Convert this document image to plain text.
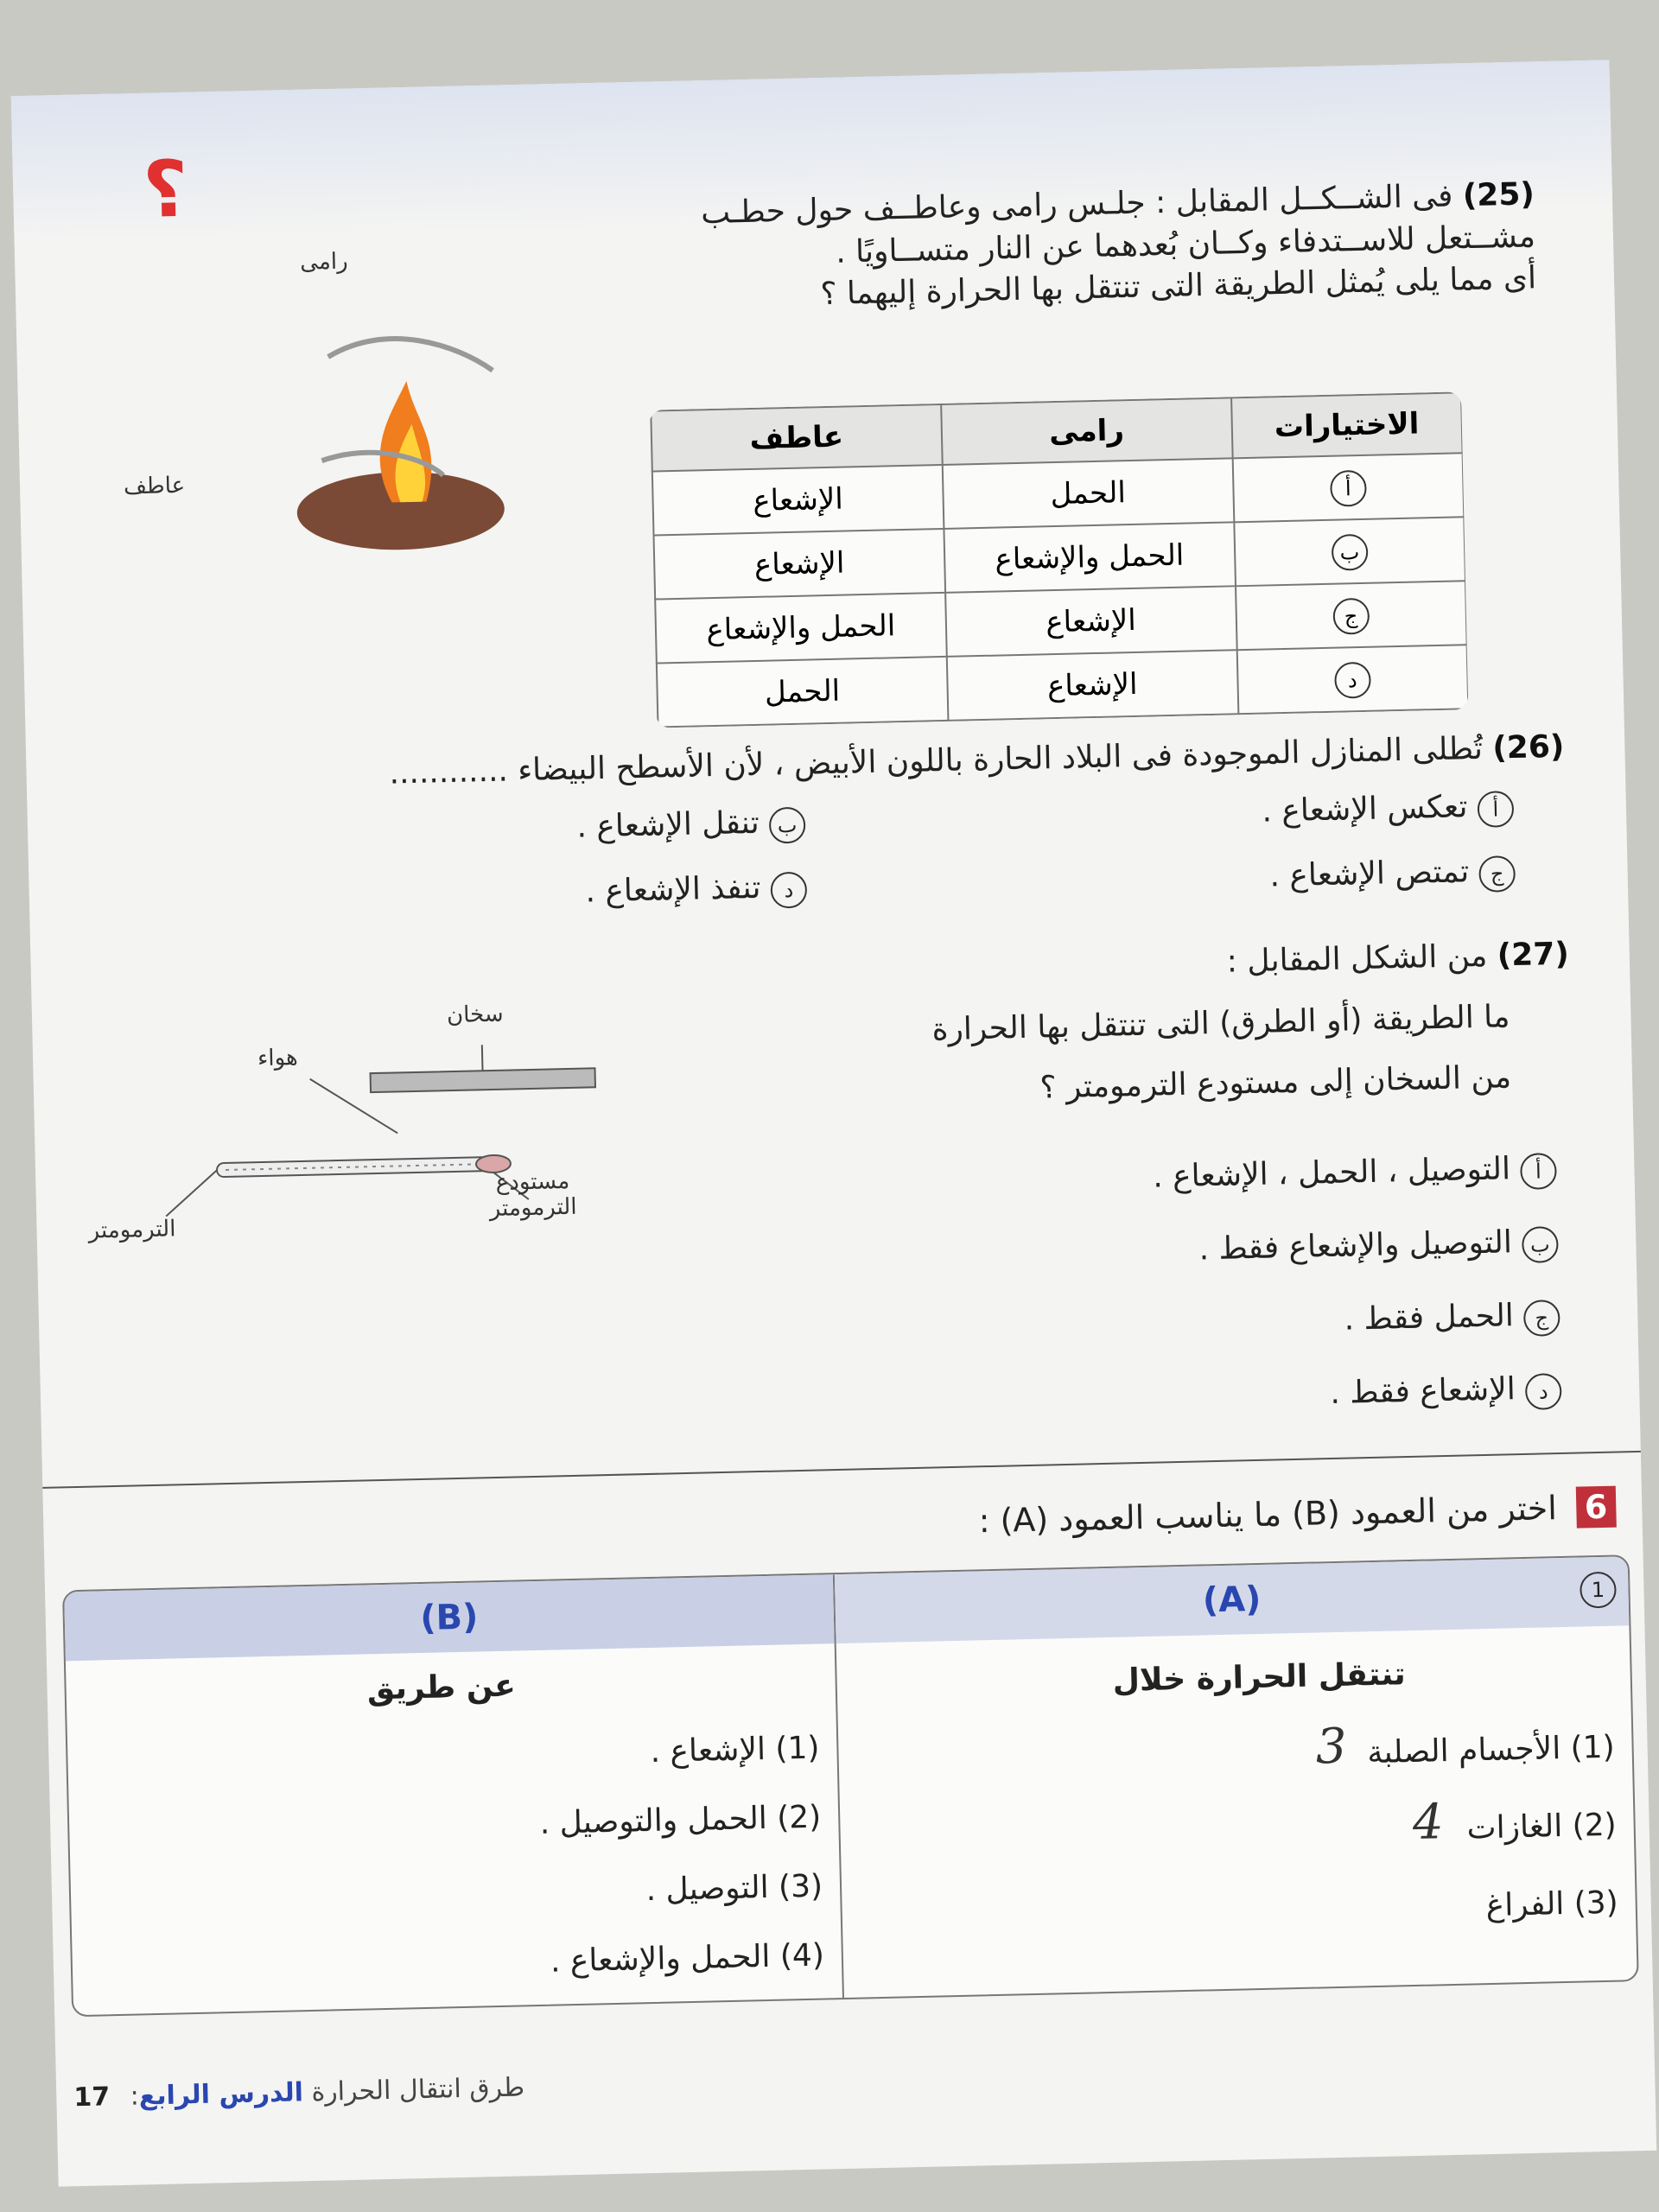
؟	(25) فى الشــكــل المقابل : جلـس رامى وعاطــف حول حطـب
مشــتعل للاســتدفاء وكــان بُعدهما عن النار متســاويًا .
أى مما يلى يُمثل الطريقة التى تنتقل بها الحرارة إليهما ؟
رامى
عاطف
الاختيارات	رامى	عاطف
أ	الحمل	الإشعاع
ب	الحمل والإشعاع	الإشعاع
ج	الإشعاع	الحمل والإشعاع
د	الإشعاع	الحمل
(26) تُطلى المنازل الموجودة فى البلاد الحارة باللون الأبيض ، لأن الأسطح البيضاء ............
أ تعكس الإشعاع .
ب تنقل الإشعاع .
ج تمتص الإشعاع .
د تنفذ الإشعاع .
(27) من الشكل المقابل :
ما الطريقة (أو الطرق) التى تنتقل بها الحرارة
من السخان إلى مستودع الترمومتر ؟
أ التوصيل ، الحمل ، الإشعاع .
ب التوصيل والإشعاع فقط .
ج الحمل فقط .
د الإشعاع فقط .
سخان
هواء
مستودع الترمومتر
الترمومتر
6 اختر من العمود (B) ما يناسب العمود (A) :
(B)
عن طريق
(1) الإشعاع .
(2) الحمل والتوصيل .
(3) التوصيل .
(4) الحمل والإشعاع .
(A)	1
تنتقل الحرارة خلال
(1) الأجسام الصلبة
3
(2) الغازات
4
(3) الفراغ
17 :طرق انتقال الحرارة الدرس الرابع
